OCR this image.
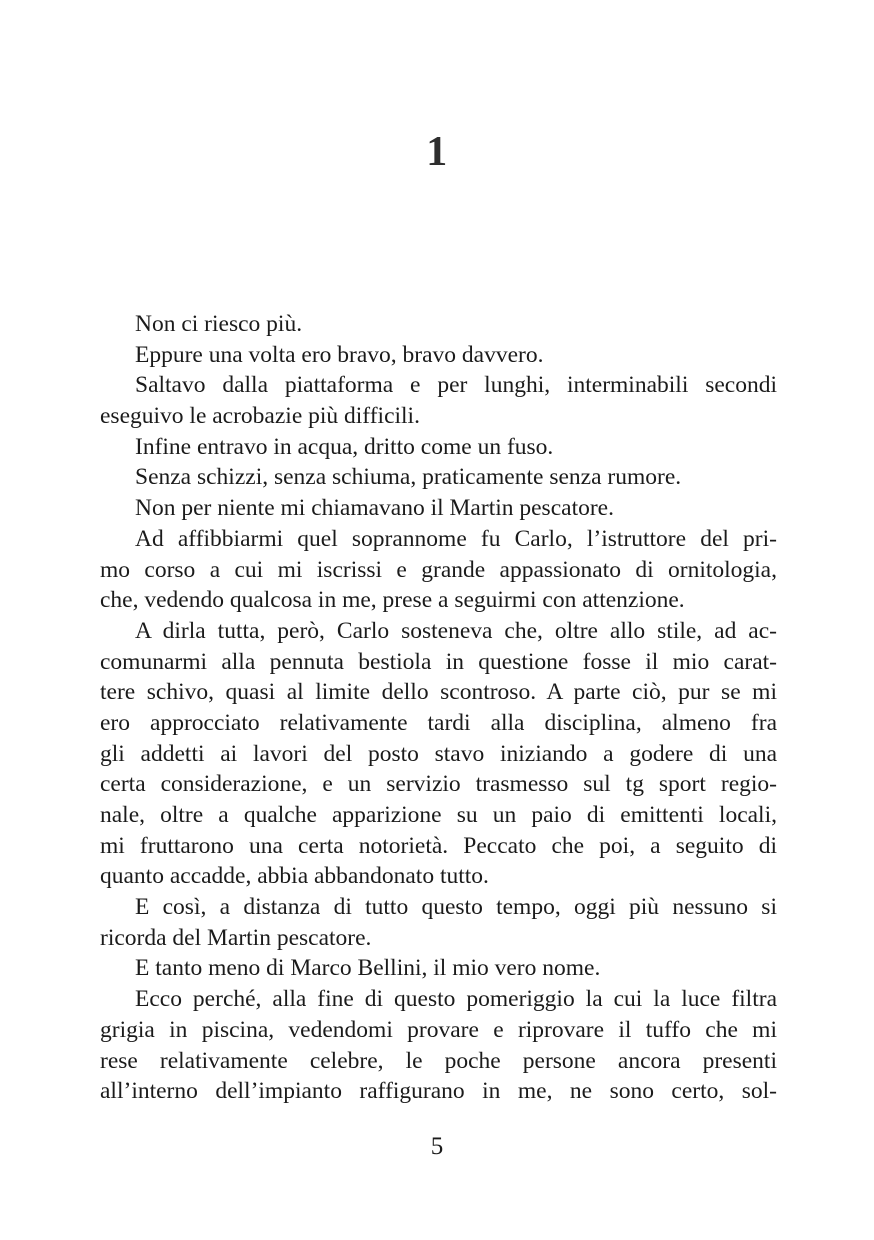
1
Non ci riesco più.
Eppure una volta ero bravo, bravo davvero.
Saltavo dalla piattaforma e per lunghi, interminabili secondi
eseguivo le acrobazie più difficili.
Infine entravo in acqua, dritto come un fuso.
Senza schizzi, senza schiuma, praticamente senza rumore.
Non per niente mi chiamavano il Martin pescatore.
Ad affibbiarmi quel soprannome fu Carlo, l’istruttore del pri-
mo corso a cui mi iscrissi e grande appassionato di ornitologia,
che, vedendo qualcosa in me, prese a seguirmi con attenzione.
A dirla tutta, però, Carlo sosteneva che, oltre allo stile, ad ac-
comunarmi alla pennuta bestiola in questione fosse il mio carat-
tere schivo, quasi al limite dello scontroso. A parte ciò, pur se mi
ero approcciato relativamente tardi alla disciplina, almeno fra
gli addetti ai lavori del posto stavo iniziando a godere di una
certa considerazione, e un servizio trasmesso sul tg sport regio-
nale, oltre a qualche apparizione su un paio di emittenti locali,
mi fruttarono una certa notorietà. Peccato che poi, a seguito di
quanto accadde, abbia abbandonato tutto.
E così, a distanza di tutto questo tempo, oggi più nessuno si
ricorda del Martin pescatore.
E tanto meno di Marco Bellini, il mio vero nome.
Ecco perché, alla fine di questo pomeriggio la cui la luce filtra
grigia in piscina, vedendomi provare e riprovare il tuffo che mi
rese relativamente celebre, le poche persone ancora presenti
all’interno dell’impianto raffigurano in me, ne sono certo, sol-
5
